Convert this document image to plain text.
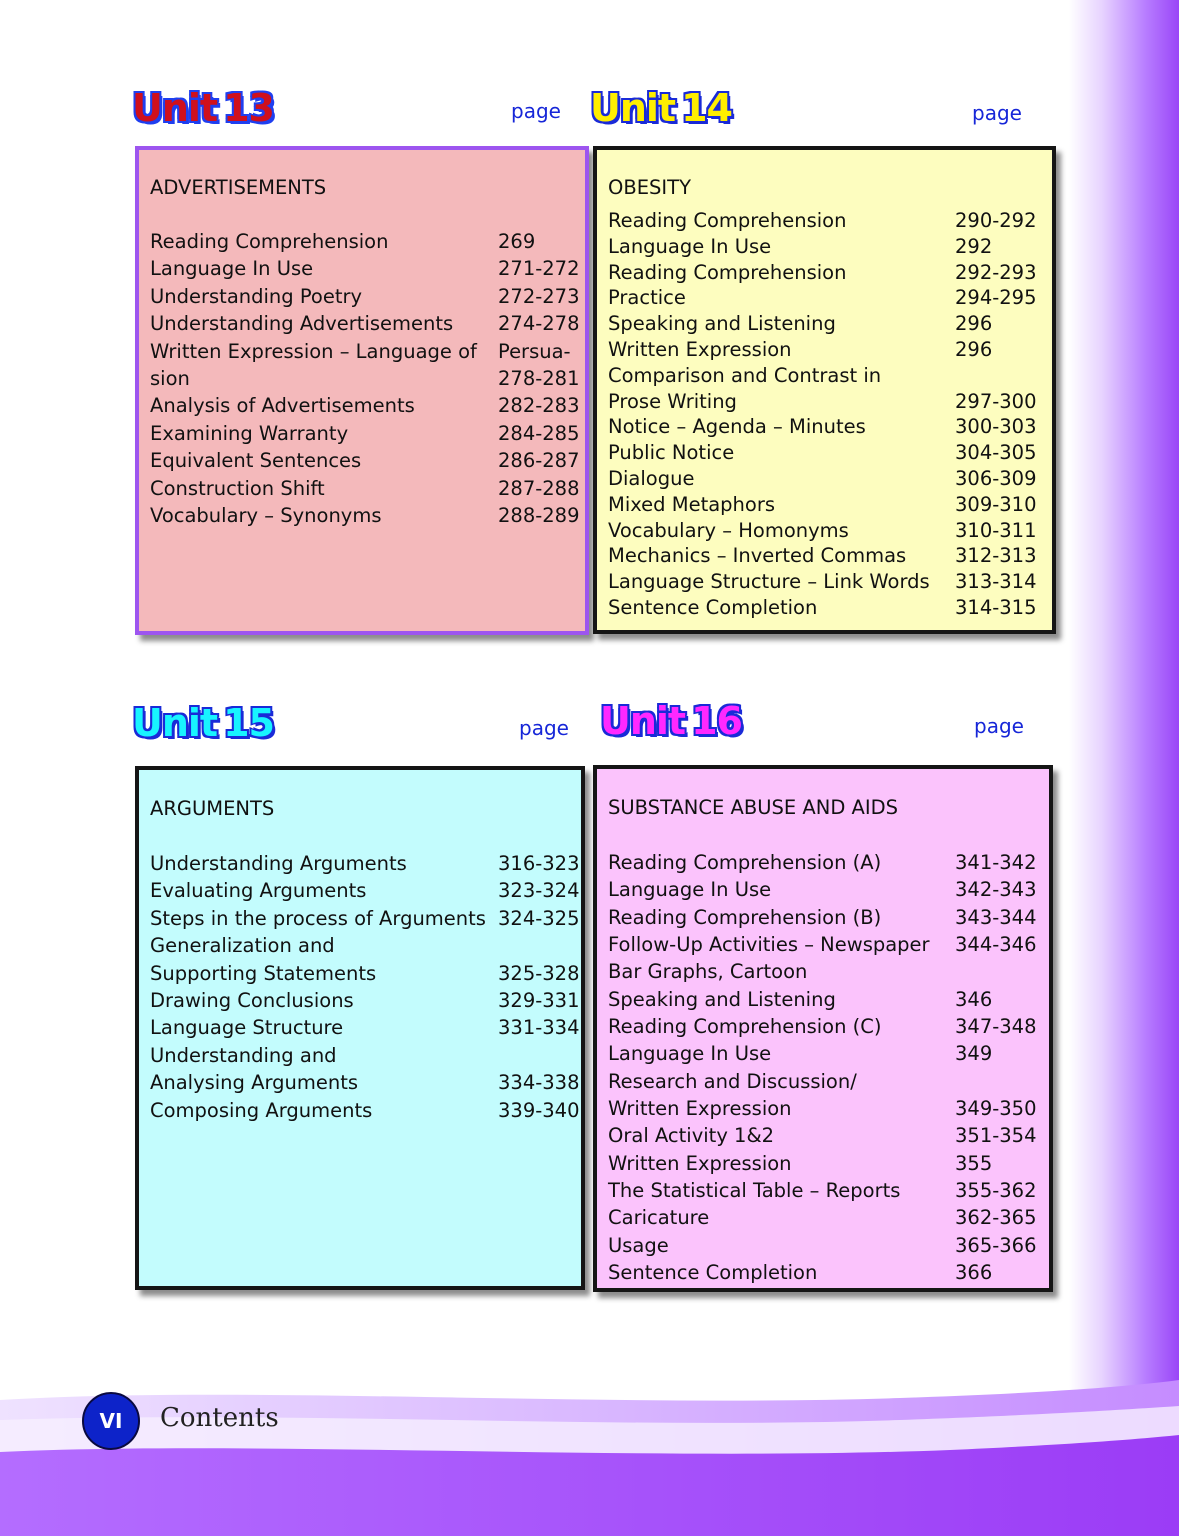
Unit 13	page
ADVERTISEMENTS
Reading Comprehension	269
Language In Use	271-272
Understanding Poetry	272-273
Understanding Advertisements 274-278
Written Expression – Language of Persua-
sion	278-281
Analysis of Advertisements	282-283
Examining Warranty	284-285
Equivalent Sentences	286-287
Construction Shift	287-288
Vocabulary – Synonyms	288-289
Unit 14	page
OBESITY
Reading Comprehension	290-292
Language In Use	292
Reading Comprehension	292-293
Practice	294-295
Speaking and Listening	296
Written Expression	296
Comparison and Contrast in
Prose Writing	297-300
Notice – Agenda – Minutes	300-303
Public Notice	304-305
Dialogue	306-309
Mixed Metaphors	309-310
Vocabulary – Homonyms	310-311
Mechanics – Inverted Commas	312-313
Language Structure – Link Words 313-314
Sentence Completion	314-315
Unit 15	page
ARGUMENTS
Understanding Arguments	316-323
Evaluating Arguments	323-324
Steps in the process of Arguments 324-325
Generalization and
Supporting Statements	325-328
Drawing Conclusions	329-331
Language Structure	331-334
Understanding and
Analysing Arguments	334-338
Composing Arguments	339-340
Unit 16	page
SUBSTANCE ABUSE AND AIDS
Reading Comprehension (A)	341-342
Language In Use	342-343
Reading Comprehension (B)	343-344
Follow-Up Activities – Newspaper 344-346
Bar Graphs, Cartoon
Speaking and Listening	346
Reading Comprehension (C)	347-348
Language In Use	349
Research and Discussion/
Written Expression	349-350
Oral Activity 1&2	351-354
Written Expression	355
The Statistical Table – Reports	355-362
Caricature	362-365
Usage	365-366
Sentence Completion	366
VI	Contents
